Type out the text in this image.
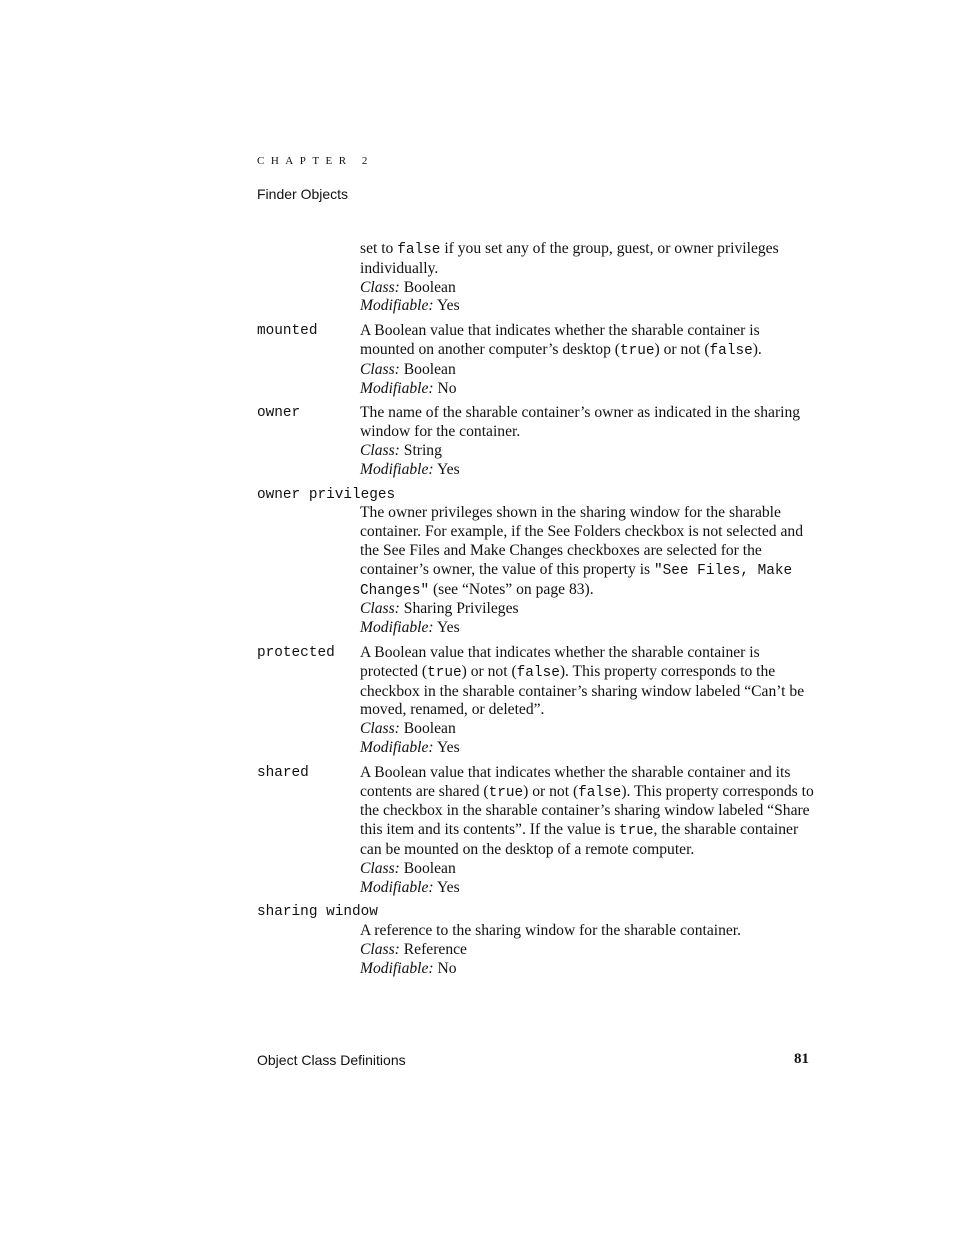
CHAPTER 2
Finder Objects

set to false if you set any of the group, guest, or owner privileges individually.

Class: Boolean

Modifiable: Yes

mounted	A Boolean value that indicates whether the sharable container is mounted on another computer’s desktop (true) or not (false).

Class: Boolean

Modifiable: No

owner	The name of the sharable container’s owner as indicated in the sharing window for the container.

Class: String

Modifiable: Yes

owner privileges

The owner privileges shown in the sharing window for the sharable container. For example, if the See Folders checkbox is not selected and the See Files and Make Changes checkboxes are selected for the container’s owner, the value of this property is "See Files, Make Changes" (see “Notes” on page 83).

Class: Sharing Privileges

Modifiable: Yes

protected	A Boolean value that indicates whether the sharable container is protected (true) or not (false). This property corresponds to the checkbox in the sharable container’s sharing window labeled “Can’t be moved, renamed, or deleted”.

Class: Boolean

Modifiable: Yes

shared	A Boolean value that indicates whether the sharable container and its contents are shared (true) or not (false). This property corresponds to the checkbox in the sharable container’s sharing window labeled “Share this item and its contents”. If the value is true, the sharable container can be mounted on the desktop of a remote computer.

Class: Boolean

Modifiable: Yes

sharing window

A reference to the sharing window for the sharable container.

Class: Reference

Modifiable: No

Object Class Definitions	81
